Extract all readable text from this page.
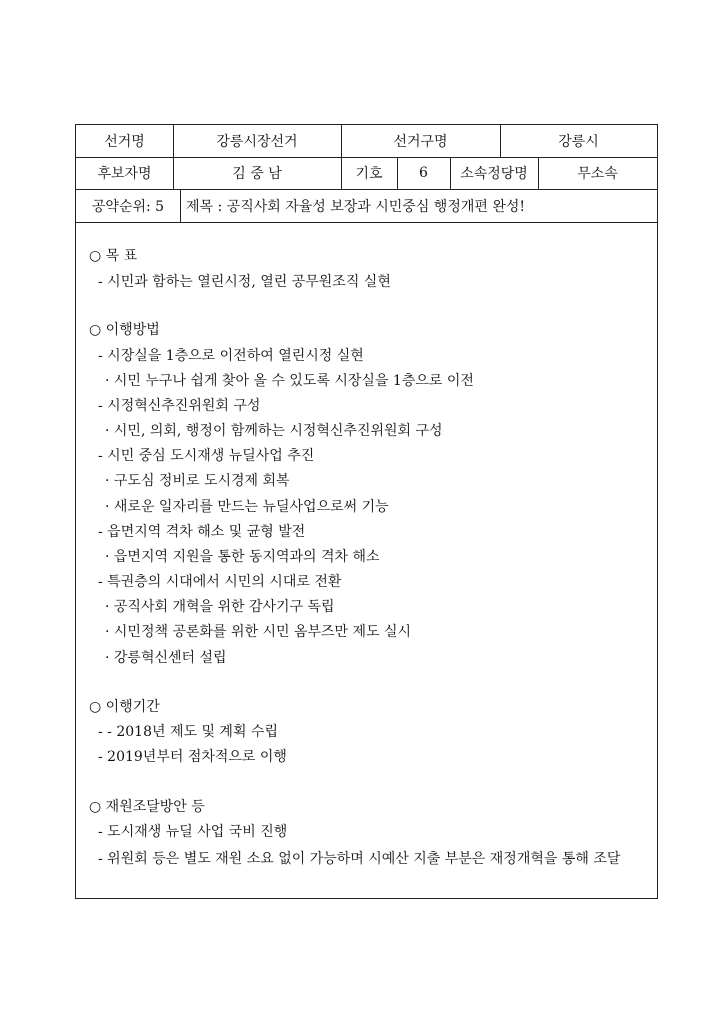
선거명	강릉시장선거	선거구명	강릉시
후보자명	김 중 남	기호	6	소속정당명	무소속
공약순위: 5	제목 : 공직사회 자율성 보장과 시민중심 행정개편 완성!
○ 목 표
- 시민과 함하는 열린시정, 열린 공무원조직 실현
○ 이행방법
- 시장실을 1층으로 이전하여 열린시정 실현
· 시민 누구나 쉽게 찾아 올 수 있도록 시장실을 1층으로 이전
- 시정혁신추진위원회 구성
· 시민, 의회, 행정이 함께하는 시정혁신추진위원회 구성
- 시민 중심 도시재생 뉴딜사업 추진
· 구도심 정비로 도시경제 회복
· 새로운 일자리를 만드는 뉴딜사업으로써 기능
- 읍면지역 격차 해소 및 균형 발전
· 읍면지역 지원을 통한 동지역과의 격차 해소
- 특권층의 시대에서 시민의 시대로 전환
· 공직사회 개혁을 위한 감사기구 독립
· 시민정책 공론화를 위한 시민 옴부즈만 제도 실시
· 강릉혁신센터 설립
○ 이행기간
- - 2018년 제도 및 계획 수립
- 2019년부터 점차적으로 이행
○ 재원조달방안 등
- 도시재생 뉴딜 사업 국비 진행
- 위원회 등은 별도 재원 소요 없이 가능하며 시예산 지출 부분은 재정개혁을 통해 조달
